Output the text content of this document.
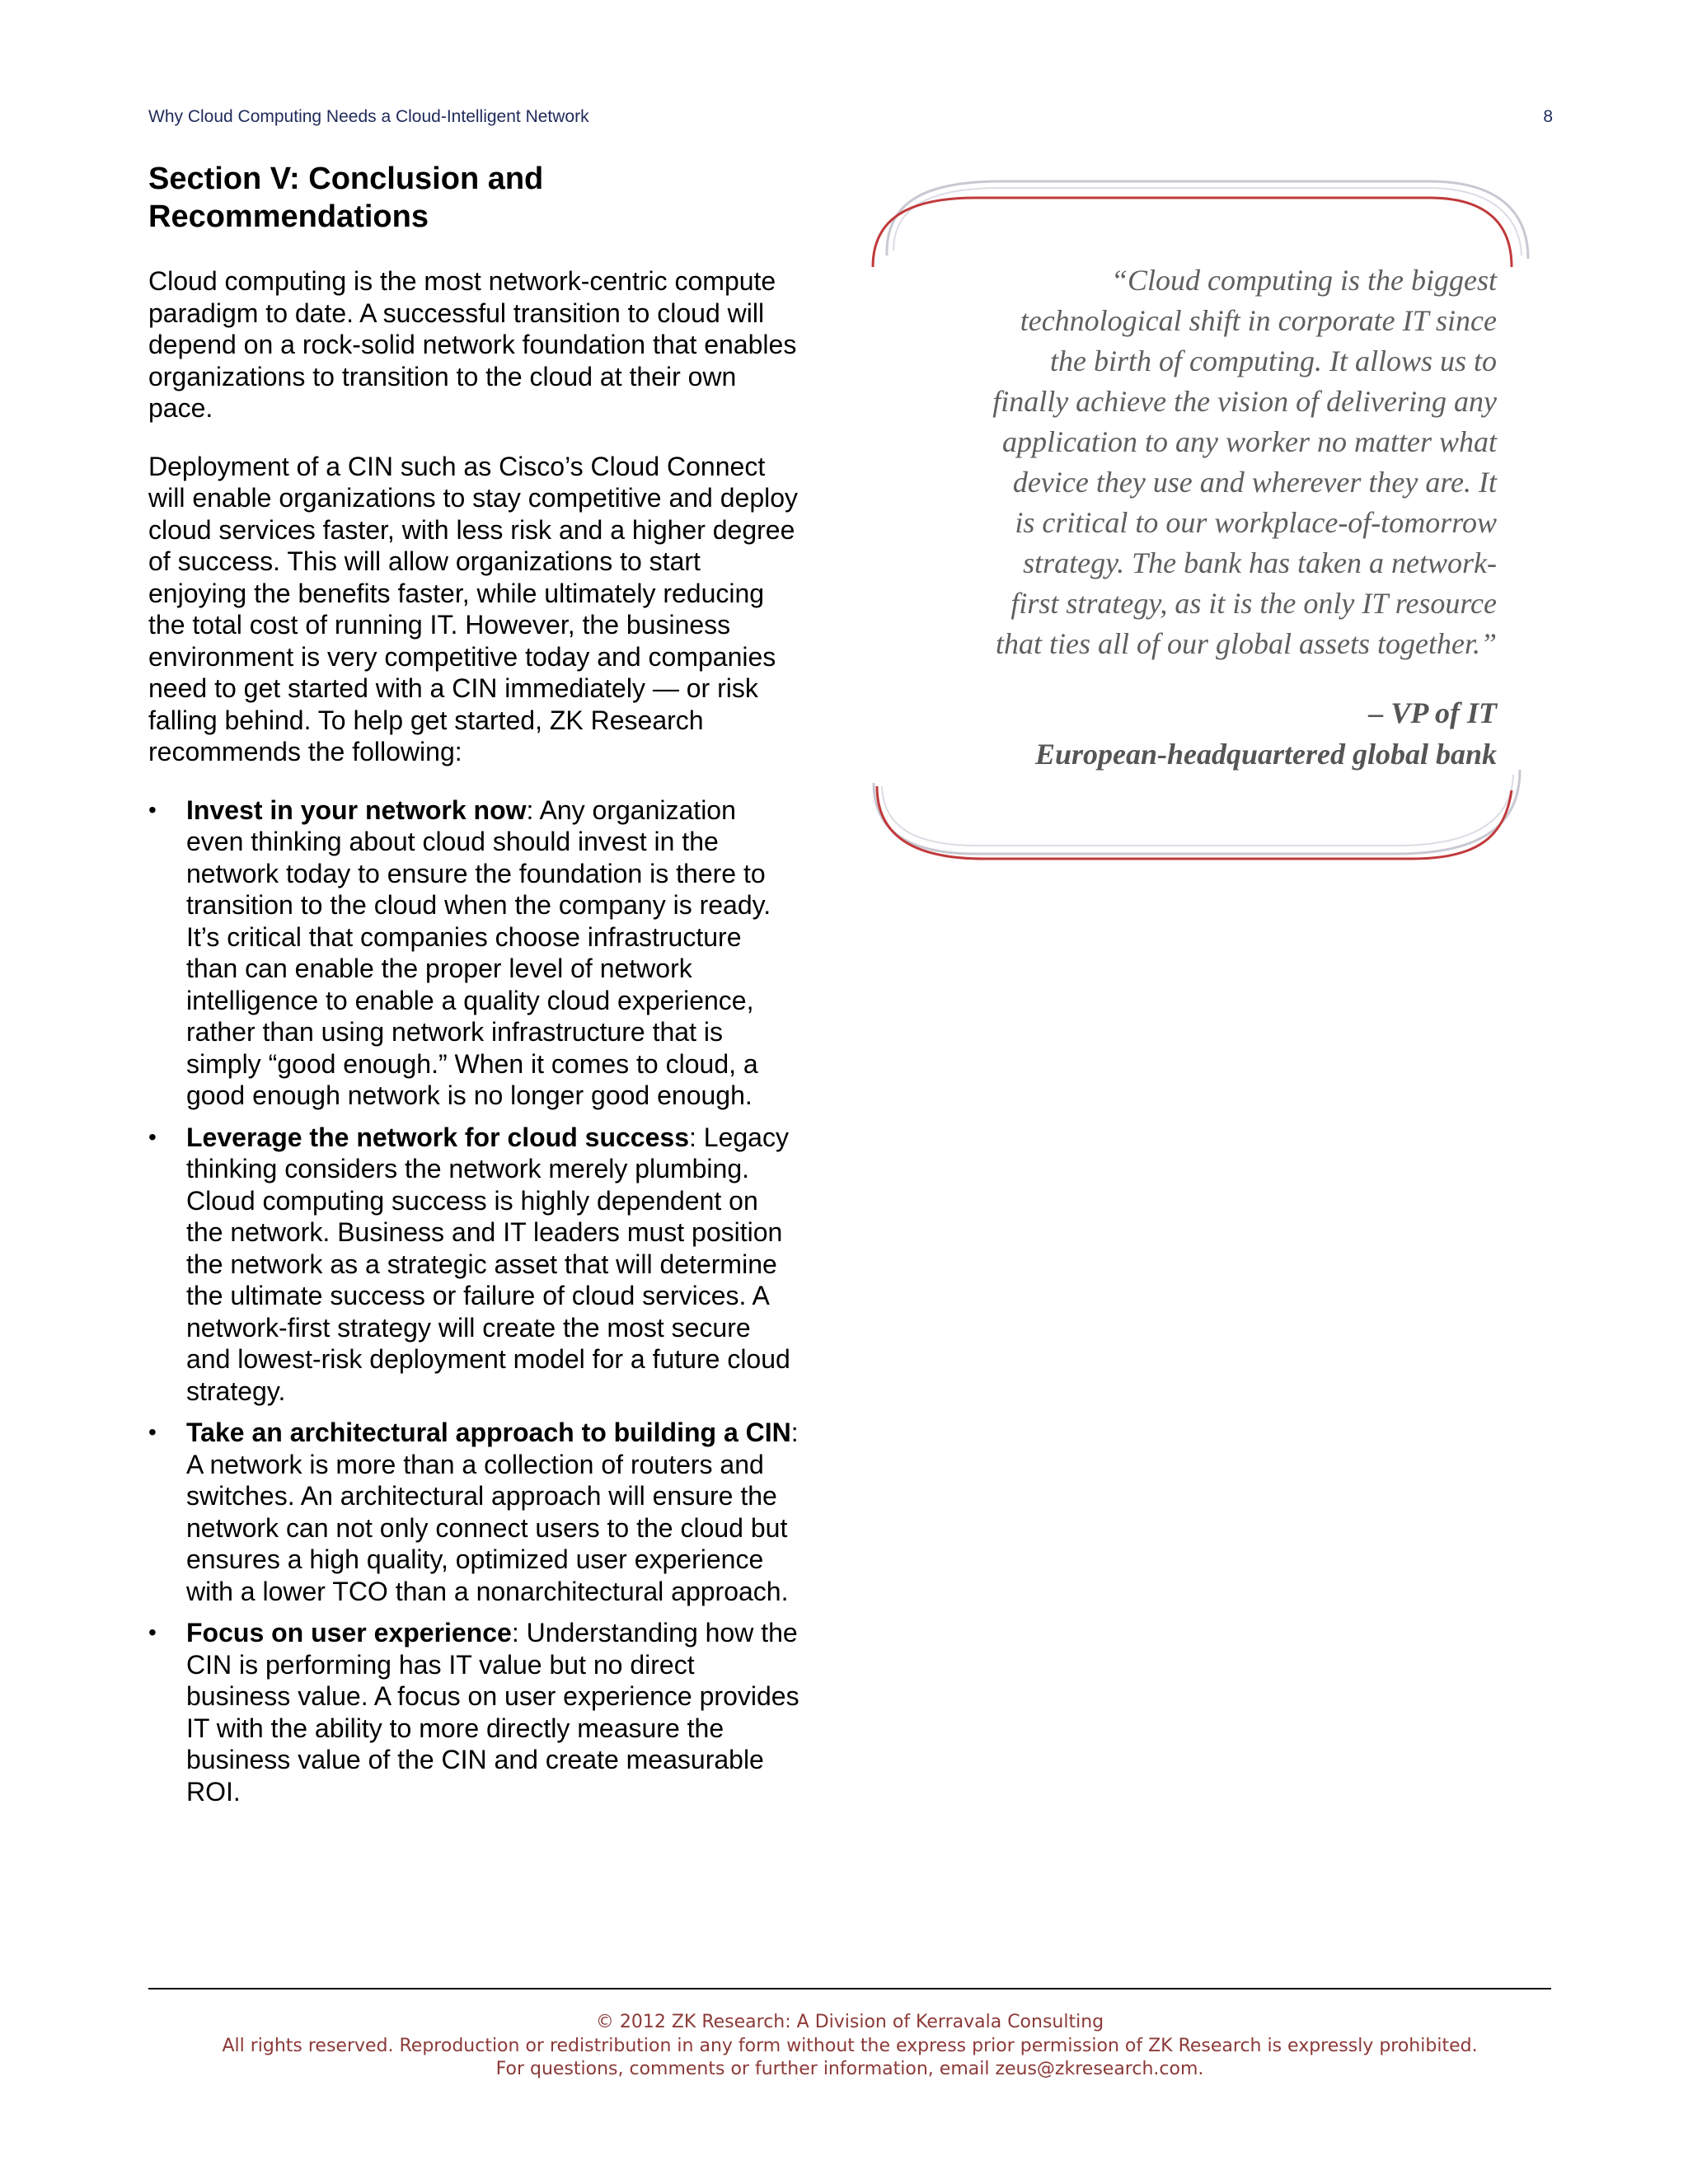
Why Cloud Computing Needs a Cloud-Intelligent Network	8
Section V: Conclusion and
Recommendations

Cloud computing is the most network-centric compute paradigm to date. A successful transition to cloud will depend on a rock-solid network foundation that enables organizations to transition to the cloud at their own pace.

Deployment of a CIN such as Cisco’s Cloud Connect will enable organizations to stay competitive and deploy cloud services faster, with less risk and a higher degree of success. This will allow organizations to start enjoying the benefits faster, while ultimately reducing the total cost of running IT. However, the business environment is very competitive today and companies need to get started with a CIN immediately — or risk falling behind. To help get started, ZK Research recommends the following:

• Invest in your network now: Any organization even thinking about cloud should invest in the network today to ensure the foundation is there to transition to the cloud when the company is ready. It’s critical that companies choose infrastructure than can enable the proper level of network intelligence to enable a quality cloud experience, rather than using network infrastructure that is simply “good enough.” When it comes to cloud, a good enough network is no longer good enough.
• Leverage the network for cloud success: Legacy thinking considers the network merely plumbing. Cloud computing success is highly dependent on the network. Business and IT leaders must position the network as a strategic asset that will determine the ultimate success or failure of cloud services. A network-first strategy will create the most secure and lowest-risk deployment model for a future cloud strategy.
• Take an architectural approach to building a CIN: A network is more than a collection of routers and switches. An architectural approach will ensure the network can not only connect users to the cloud but ensures a high quality, optimized user experience with a lower TCO than a nonarchitectural approach.
• Focus on user experience: Understanding how the CIN is performing has IT value but no direct business value. A focus on user experience provides IT with the ability to more directly measure the business value of the CIN and create measurable ROI.
“Cloud computing is the biggest
technological shift in corporate IT since
the birth of computing. It allows us to
finally achieve the vision of delivering any
application to any worker no matter what
device they use and wherever they are. It
is critical to our workplace-of-tomorrow
strategy. The bank has taken a network-
first strategy, as it is the only IT resource
that ties all of our global assets together.”
– VP of IT
European-headquartered global bank
© 2012 ZK Research: A Division of Kerravala Consulting
All rights reserved. Reproduction or redistribution in any form without the express prior permission of ZK Research is expressly prohibited.
For questions, comments or further information, email zeus@zkresearch.com.
